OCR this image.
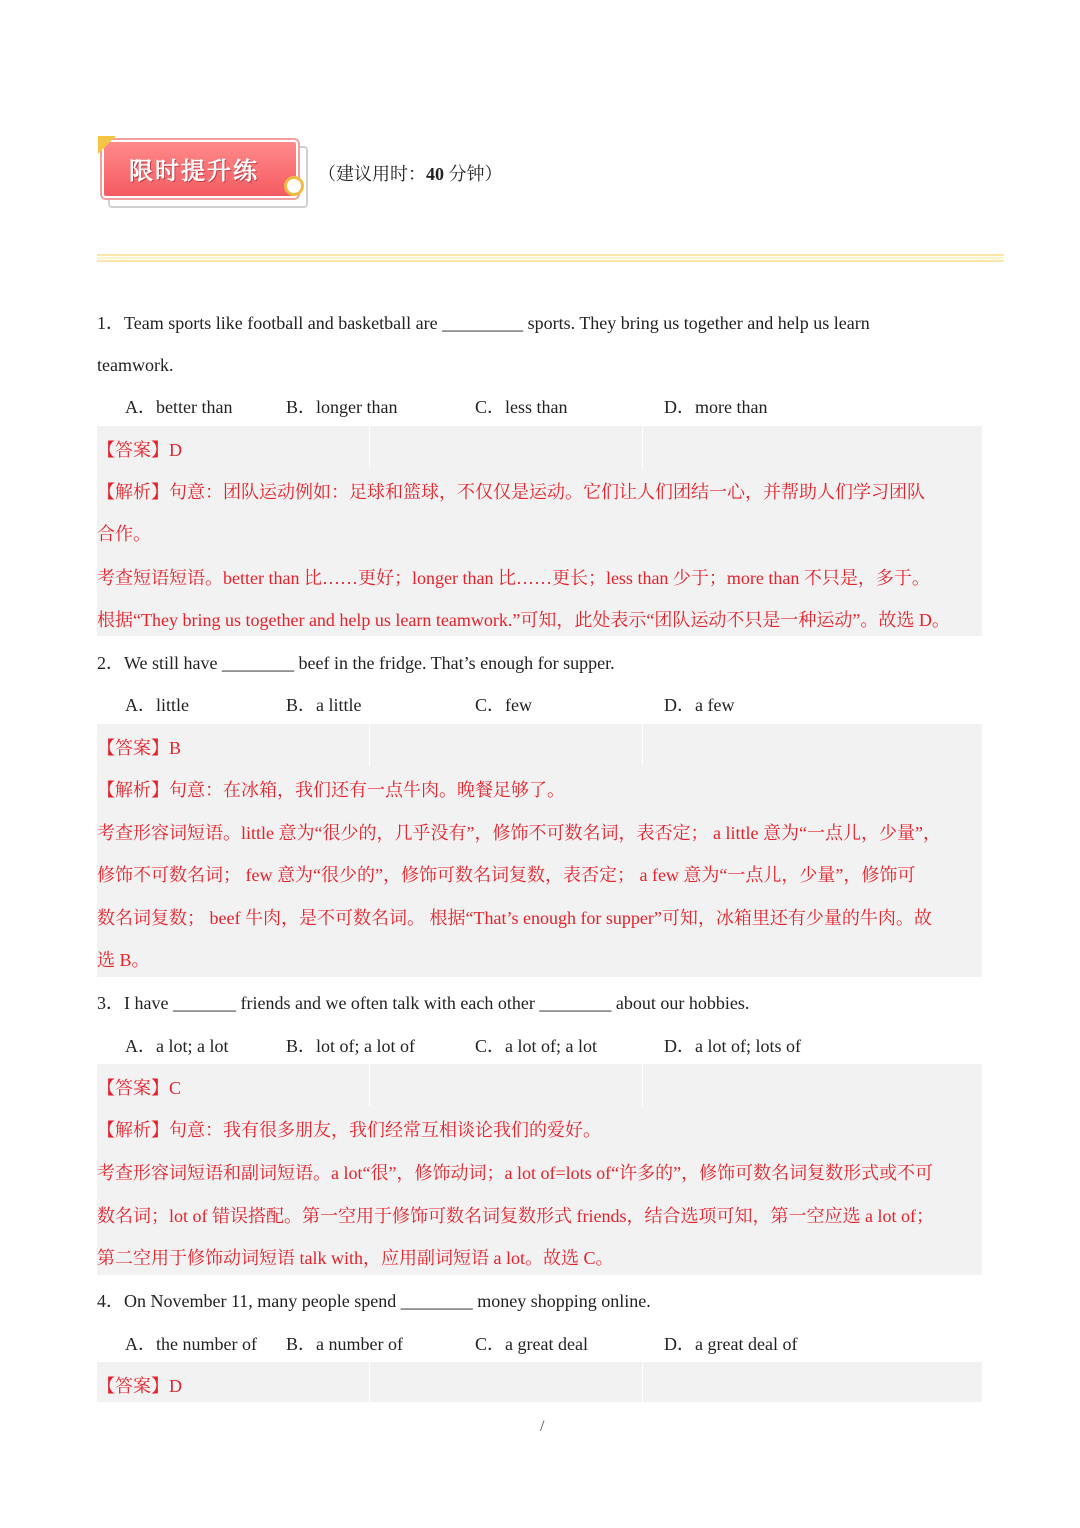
限时提升练	（建议用时：40 分钟）
1．Team sports like football and basketball are _________ sports. They bring us together and help us learn
teamwork.
A．better than	B．longer than	C．less than	D．more than
【答案】D
【解析】句意：团队运动例如：足球和篮球，不仅仅是运动。它们让人们团结一心，并帮助人们学习团队
合作。
考查短语短语。better than 比……更好；longer than 比……更长；less than 少于；more than 不只是，多于。
根据“They bring us together and help us learn teamwork.”可知，此处表示“团队运动不只是一种运动”。故选 D。
2．We still have ________ beef in the fridge. That’s enough for supper.
A．little	B．a little	C．few	D．a few
【答案】B
【解析】句意：在冰箱，我们还有一点牛肉。晚餐足够了。
考查形容词短语。little 意为“很少的，几乎没有”，修饰不可数名词，表否定； a little 意为“一点儿，少量”，
修饰不可数名词； few 意为“很少的”，修饰可数名词复数，表否定； a few 意为“一点儿，少量”，修饰可
数名词复数； beef 牛肉，是不可数名词。 根据“That’s enough for supper”可知，冰箱里还有少量的牛肉。故
选 B。
3．I have _______ friends and we often talk with each other ________ about our hobbies.
A．a lot; a lot	B．lot of; a lot of	C．a lot of; a lot	D．a lot of; lots of
【答案】C
【解析】句意：我有很多朋友，我们经常互相谈论我们的爱好。
考查形容词短语和副词短语。a lot“很”，修饰动词；a lot of=lots of“许多的”，修饰可数名词复数形式或不可
数名词；lot of 错误搭配。第一空用于修饰可数名词复数形式 friends，结合选项可知，第一空应选 a lot of；
第二空用于修饰动词短语 talk with，应用副词短语 a lot。故选 C。
4．On November 11, many people spend ________ money shopping online.
A．the number of B．a number of	C．a great deal	D．a great deal of
【答案】D
/
